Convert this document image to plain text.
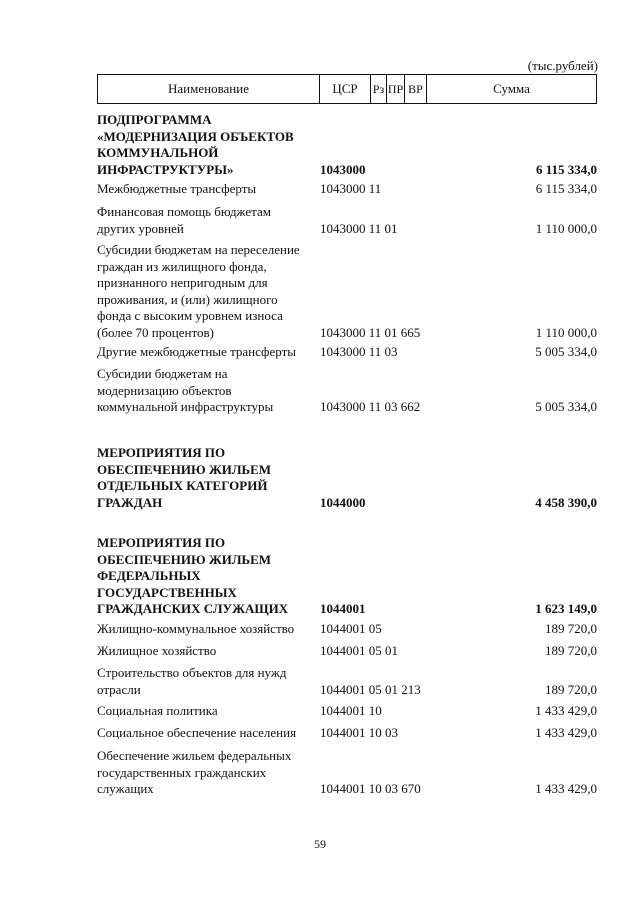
(тыс.рублей)
Наименование	ЦСР	Рз ПР ВР	Сумма
ПОДПРОГРАММА
«МОДЕРНИЗАЦИЯ ОБЪЕКТОВ
КОММУНАЛЬНОЙ
ИНФРАСТРУКТУРЫ»	1043000	6 115 334,0
Межбюджетные трансферты	1043000 11	6 115 334,0
Финансовая помощь бюджетам
других уровней	1043000 11 01	1 110 000,0
Субсидии бюджетам на переселение
граждан из жилищного фонда,
признанного непригодным для
проживания, и (или) жилищного
фонда с высоким уровнем износа
(более 70 процентов)	1043000 11 01 665	1 110 000,0
Другие межбюджетные трансферты	1043000 11 03	5 005 334,0
Субсидии бюджетам на
модернизацию объектов
коммунальной инфраструктуры	1043000 11 03 662	5 005 334,0
МЕРОПРИЯТИЯ ПО
ОБЕСПЕЧЕНИЮ ЖИЛЬЕМ
ОТДЕЛЬНЫХ КАТЕГОРИЙ
ГРАЖДАН	1044000	4 458 390,0
МЕРОПРИЯТИЯ ПО
ОБЕСПЕЧЕНИЮ ЖИЛЬЕМ
ФЕДЕРАЛЬНЫХ
ГОСУДАРСТВЕННЫХ
ГРАЖДАНСКИХ СЛУЖАЩИХ	1044001	1 623 149,0
Жилищно-коммунальное хозяйство	1044001 05	189 720,0
Жилищное хозяйство	1044001 05 01	189 720,0
Строительство объектов для нужд
отрасли	1044001 05 01 213	189 720,0
Социальная политика	1044001 10	1 433 429,0
Социальное обеспечение населения	1044001 10 03	1 433 429,0
Обеспечение жильем федеральных
государственных гражданских
служащих	1044001 10 03 670	1 433 429,0
59
